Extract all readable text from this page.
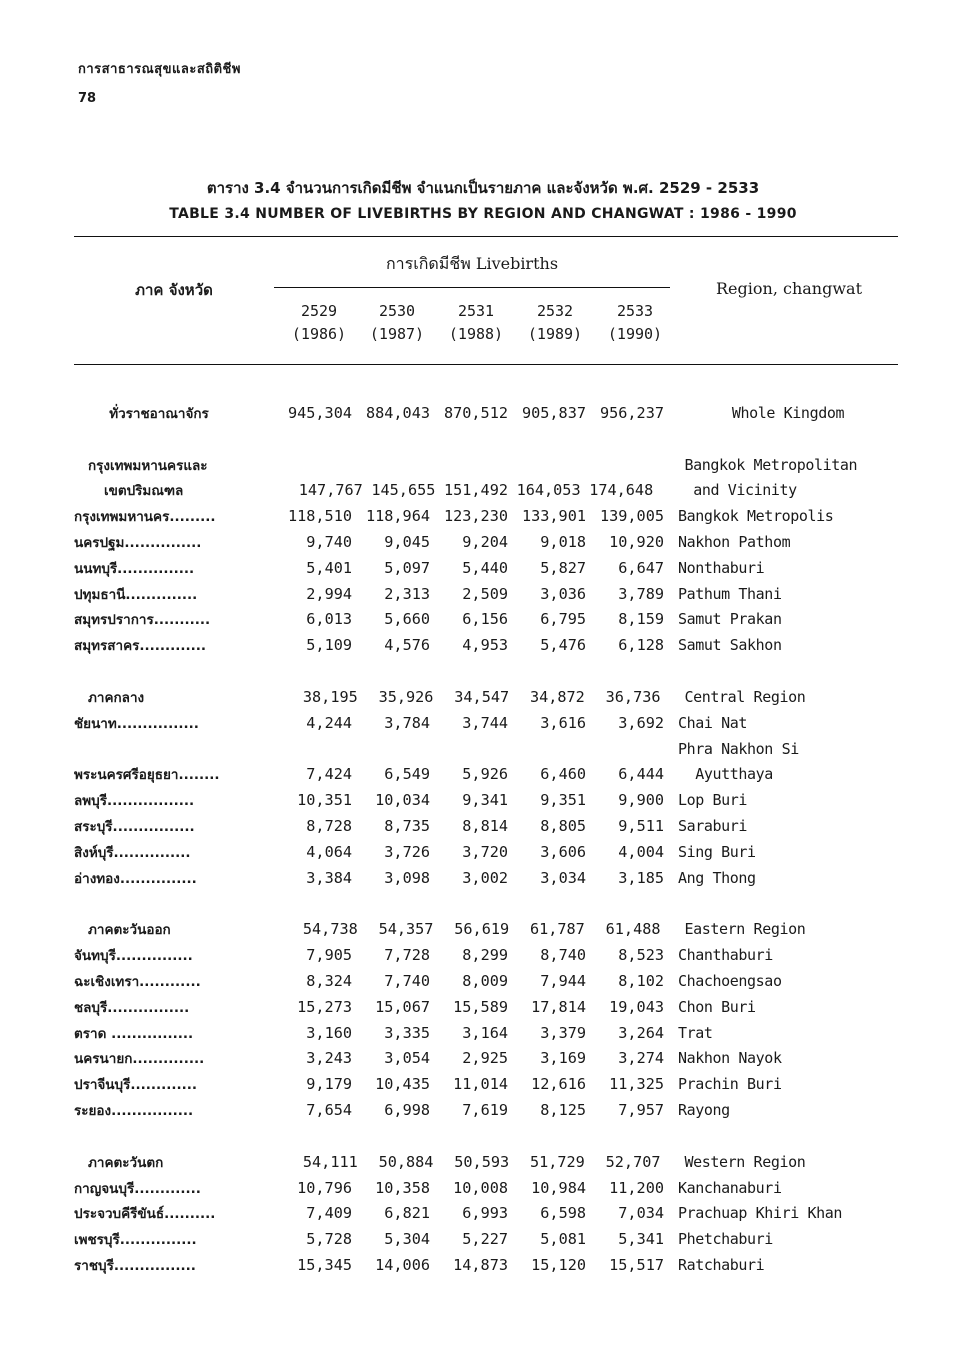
การสาธารณสุขและสถิติชีพ
78
ตาราง 3.4 จำนวนการเกิดมีชีพ จำแนกเป็นรายภาค และจังหวัด พ.ศ. 2529 - 2533
TABLE 3.4 NUMBER OF LIVEBIRTHS BY REGION AND CHANGWAT : 1986 - 1990
การเกิดมีชีพ Livebirths
ภาค จังหวัด	Region, changwat
2529
(1986)
2530
(1987)
2531
(1988)
2532
(1989)
2533
(1990)
ทั่วราชอาณาจักร	945,304 884,043 870,512 905,837 956,237	Whole Kingdom
กรุงเทพมหานครและ	Bangkok Metropolitan
เขตปริมณฑล	147,767 145,655 151,492 164,053 174,648	and Vicinity
กรุงเทพมหานคร.........	118,510 118,964 123,230 133,901 139,005 Bangkok Metropolis
นครปฐม...............	9,740	9,045	9,204	9,018	10,920 Nakhon Pathom
นนทบุรี...............	5,401	5,097	5,440	5,827	6,647 Nonthaburi
ปทุมธานี..............	2,994	2,313	2,509	3,036	3,789 Pathum Thani
สมุทรปราการ...........	6,013	5,660	6,156	6,795	8,159 Samut Prakan
สมุทรสาคร.............	5,109	4,576	4,953	5,476	6,128 Samut Sakhon
ภาคกลาง	38,195	35,926	34,547	34,872	36,736	Central Region
ชัยนาท................	4,244	3,784	3,744	3,616	3,692 Chai Nat
Phra Nakhon Si
พระนครศรีอยุธยา........	7,424	6,549	5,926	6,460	6,444 Ayutthaya
ลพบุรี.................	10,351	10,034	9,341	9,351	9,900 Lop Buri
สระบุรี................	8,728	8,735	8,814	8,805	9,511 Saraburi
สิงห์บุรี...............	4,064	3,726	3,720	3,606	4,004 Sing Buri
อ่างทอง...............	3,384	3,098	3,002	3,034	3,185 Ang Thong
ภาคตะวันออก	54,738	54,357	56,619	61,787	61,488	Eastern Region
จันทบุรี...............	7,905	7,728	8,299	8,740	8,523 Chanthaburi
ฉะเชิงเทรา............	8,324	7,740	8,009	7,944	8,102 Chachoengsao
ชลบุรี................	15,273	15,067	15,589	17,814	19,043 Chon Buri
ตราด ................	3,160	3,335	3,164	3,379	3,264 Trat
นครนายก..............	3,243	3,054	2,925	3,169	3,274 Nakhon Nayok
ปราจีนบุรี.............	9,179	10,435	11,014	12,616	11,325 Prachin Buri
ระยอง................	7,654	6,998	7,619	8,125	7,957 Rayong
ภาคตะวันตก	54,111	50,884	50,593	51,729	52,707	Western Region
กาญจนบุรี.............	10,796	10,358	10,008	10,984	11,200 Kanchanaburi
ประจวบคีรีขันธ์..........	7,409	6,821	6,993	6,598	7,034 Prachuap Khiri Khan
เพชรบุรี...............	5,728	5,304	5,227	5,081	5,341 Phetchaburi
ราชบุรี................	15,345	14,006	14,873	15,120	15,517 Ratchaburi
